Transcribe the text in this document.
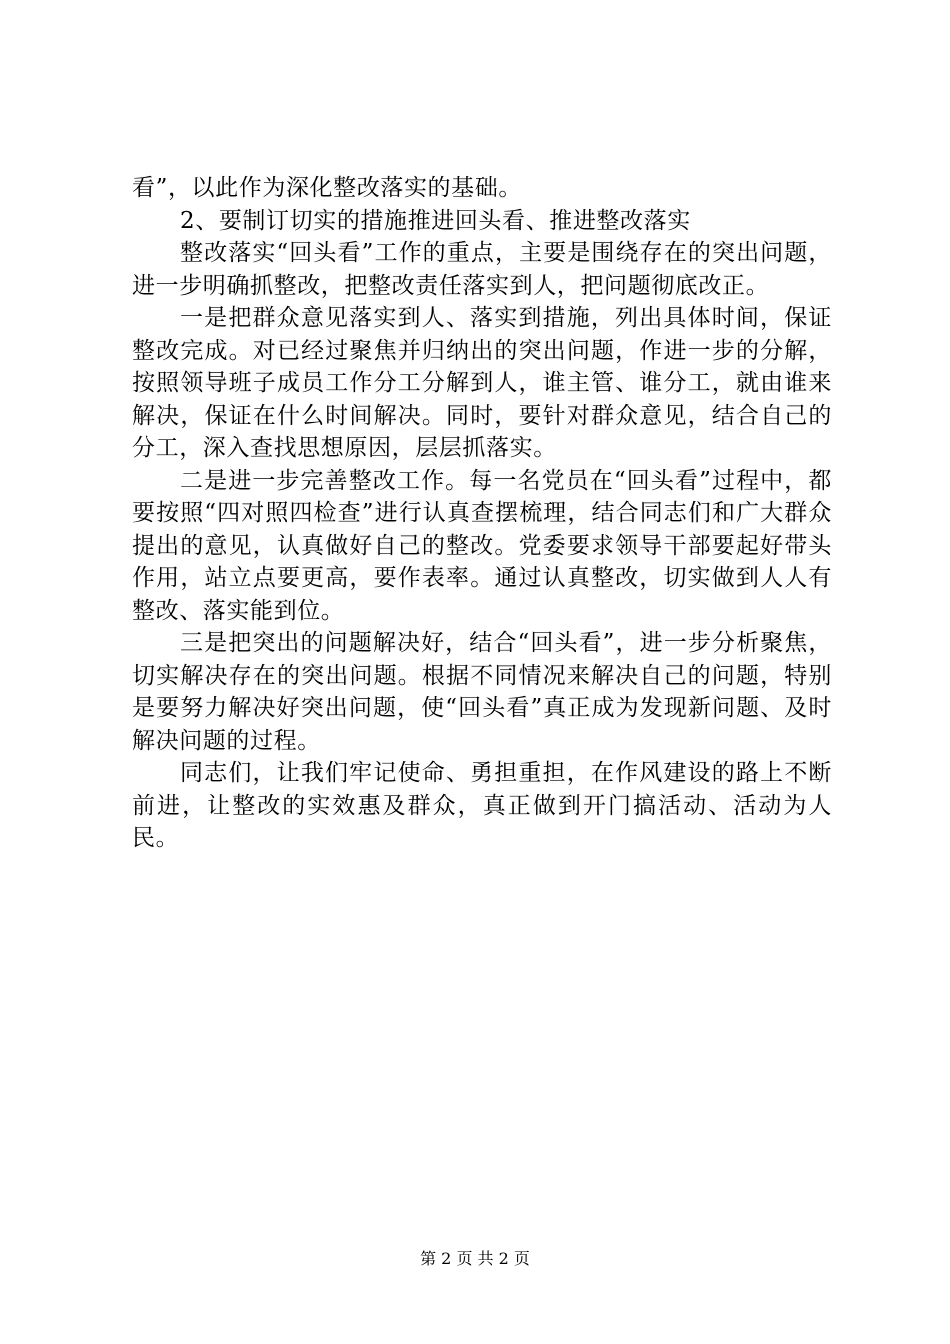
看”，以此作为深化整改落实的基础。

2、要制订切实的措施推进回头看、推进整改落实

整改落实“回头看”工作的重点，主要是围绕存在的突出问题，进一步明确抓整改，把整改责任落实到人，把问题彻底改正。

一是把群众意见落实到人、落实到措施，列出具体时间，保证整改完成。对已经过聚焦并归纳出的突出问题，作进一步的分解，按照领导班子成员工作分工分解到人，谁主管、谁分工，就由谁来解决，保证在什么时间解决。同时，要针对群众意见，结合自己的分工，深入查找思想原因，层层抓落实。

二是进一步完善整改工作。每一名党员在“回头看”过程中，都要按照“四对照四检查”进行认真查摆梳理，结合同志们和广大群众提出的意见，认真做好自己的整改。党委要求领导干部要起好带头作用，站立点要更高，要作表率。通过认真整改，切实做到人人有整改、落实能到位。

三是把突出的问题解决好，结合“回头看”，进一步分析聚焦，切实解决存在的突出问题。根据不同情况来解决自己的问题，特别是要努力解决好突出问题，使“回头看”真正成为发现新问题、及时解决问题的过程。

同志们，让我们牢记使命、勇担重担，在作风建设的路上不断前进，让整改的实效惠及群众，真正做到开门搞活动、活动为人民。

第 2 页 共 2 页
